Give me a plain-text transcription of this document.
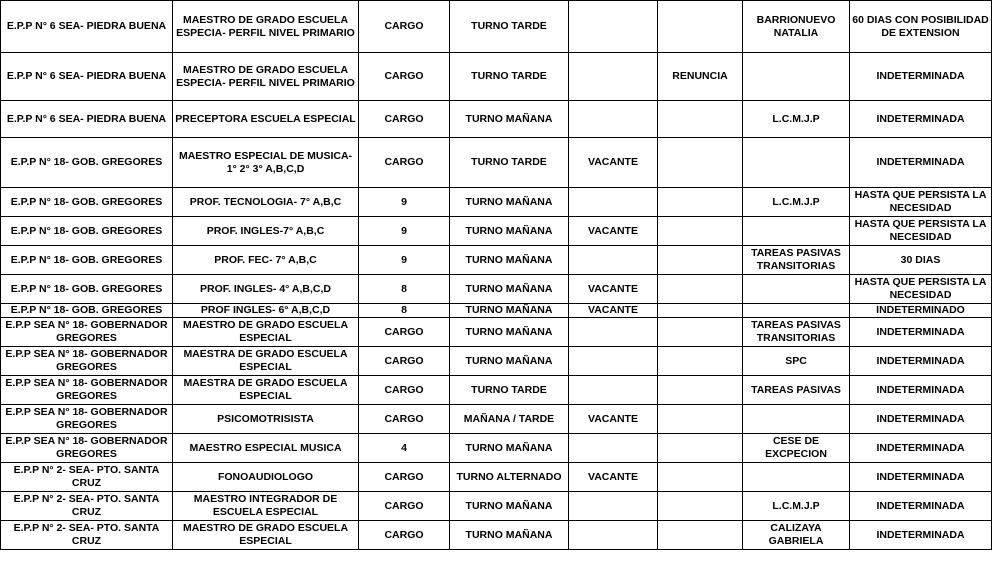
E.P.P N° 6 SEA- PIEDRA BUENA	MAESTRO DE GRADO ESCUELA ESPECIA- PERFIL NIVEL PRIMARIO	CARGO	TURNO TARDE			BARRIONUEVO NATALIA	60 DIAS CON POSIBILIDAD DE EXTENSION
E.P.P N° 6 SEA- PIEDRA BUENA	MAESTRO DE GRADO ESCUELA ESPECIA- PERFIL NIVEL PRIMARIO	CARGO	TURNO TARDE		RENUNCIA		INDETERMINADA
E.P.P N° 6 SEA- PIEDRA BUENA	PRECEPTORA ESCUELA ESPECIAL	CARGO	TURNO MAÑANA			L.C.M.J.P	INDETERMINADA
E.P.P N° 18- GOB. GREGORES	MAESTRO ESPECIAL DE MUSICA- 1° 2° 3° A,B,C,D	CARGO	TURNO TARDE	VACANTE			INDETERMINADA
E.P.P N° 18- GOB. GREGORES	PROF. TECNOLOGIA- 7° A,B,C	9	TURNO MAÑANA			L.C.M.J.P	HASTA QUE PERSISTA LA NECESIDAD
E.P.P N° 18- GOB. GREGORES	PROF. INGLES-7° A,B,C	9	TURNO MAÑANA	VACANTE			HASTA QUE PERSISTA LA NECESIDAD
E.P.P N° 18- GOB. GREGORES	PROF. FEC- 7° A,B,C	9	TURNO MAÑANA			TAREAS PASIVAS TRANSITORIAS	30 DIAS
E.P.P N° 18- GOB. GREGORES	PROF. INGLES- 4° A,B,C,D	8	TURNO MAÑANA	VACANTE			HASTA QUE PERSISTA LA NECESIDAD
E.P.P N° 18- GOB. GREGORES	PROF INGLES- 6° A,B,C,D	8	TURNO MAÑANA	VACANTE			INDETERMINADO
E.P.P SEA N° 18- GOBERNADOR GREGORES	MAESTRO DE GRADO ESCUELA ESPECIAL	CARGO	TURNO MAÑANA			TAREAS PASIVAS TRANSITORIAS	INDETERMINADA
E.P.P SEA N° 18- GOBERNADOR GREGORES	MAESTRA DE GRADO ESCUELA ESPECIAL	CARGO	TURNO MAÑANA			SPC	INDETERMINADA
E.P.P SEA N° 18- GOBERNADOR GREGORES	MAESTRA DE GRADO ESCUELA ESPECIAL	CARGO	TURNO TARDE			TAREAS PASIVAS	INDETERMINADA
E.P.P SEA N° 18- GOBERNADOR GREGORES	PSICOMOTRISISTA	CARGO	MAÑANA / TARDE	VACANTE			INDETERMINADA
E.P.P SEA N° 18- GOBERNADOR GREGORES	MAESTRO ESPECIAL MUSICA	4	TURNO MAÑANA			CESE DE EXCPECION	INDETERMINADA
E.P.P N° 2- SEA- PTO. SANTA CRUZ	FONOAUDIOLOGO	CARGO	TURNO ALTERNADO	VACANTE			INDETERMINADA
E.P.P N° 2- SEA- PTO. SANTA CRUZ	MAESTRO INTEGRADOR DE ESCUELA ESPECIAL	CARGO	TURNO MAÑANA			L.C.M.J.P	INDETERMINADA
E.P.P N° 2- SEA- PTO. SANTA CRUZ	MAESTRO DE GRADO ESCUELA ESPECIAL	CARGO	TURNO MAÑANA			CALIZAYA GABRIELA	INDETERMINADA
